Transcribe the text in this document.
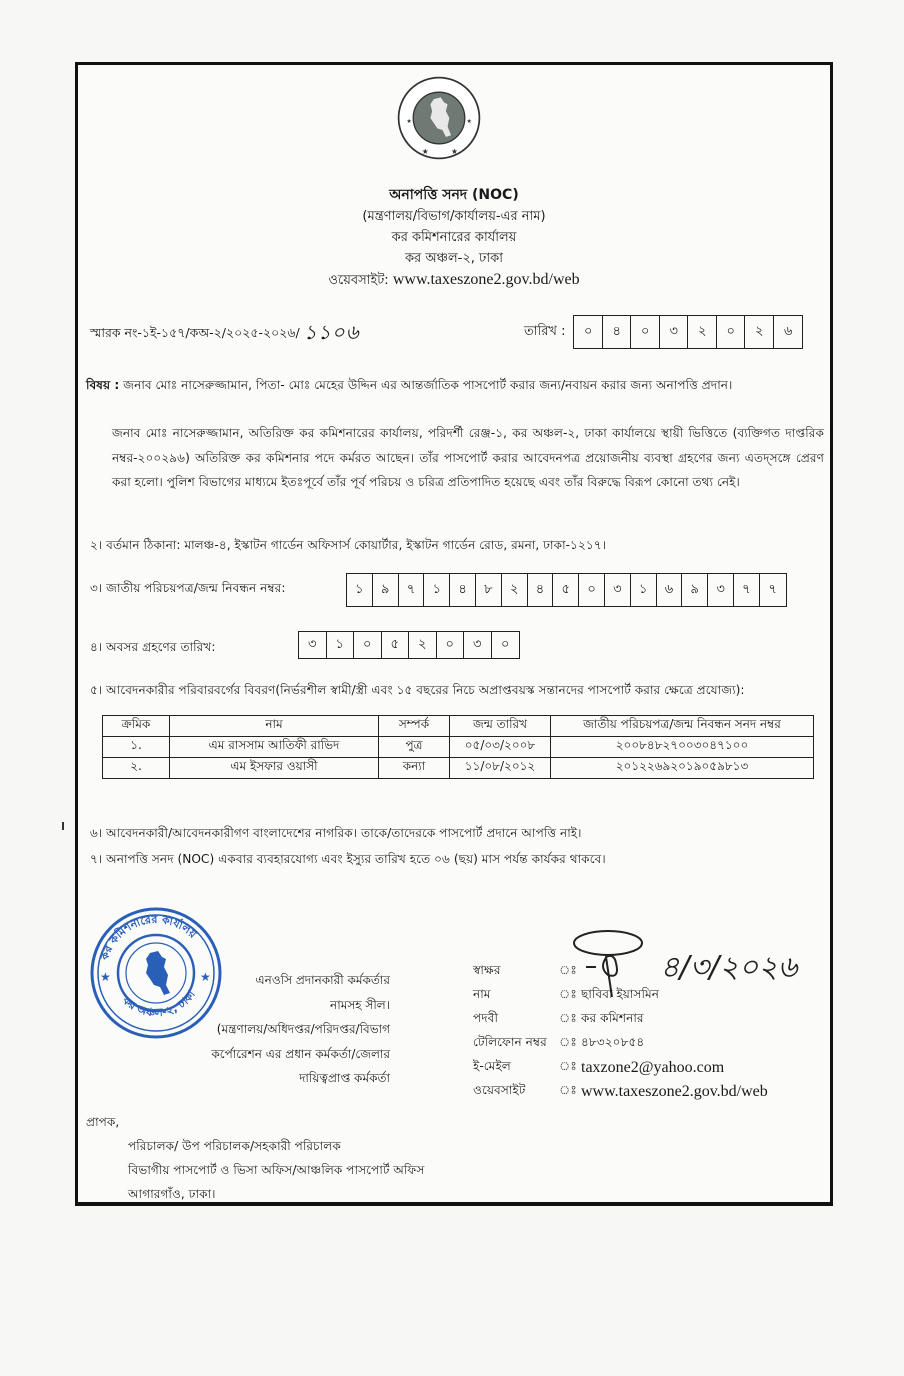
★	★
★ ★
অনাপত্তি সনদ (NOC)
(মন্ত্রণালয়/বিভাগ/কার্যালয়-এর নাম)
কর কমিশনারের কার্যালয়
কর অঞ্চল-২, ঢাকা
ওয়েবসাইট: www.taxeszone2.gov.bd/web
স্মারক নং-১ই-১৫৭/কঅ-২/২০২৫-২০২৬/ ১১০৬	তারিখ :	০	৪	০	৩	২	০	২	৬
বিষয় : জনাব মোঃ নাসেরুজ্জামান, পিতা- মোঃ মেহের উদ্দিন এর আন্তর্জাতিক পাসপোর্ট করার জন্য/নবায়ন করার জন্য অনাপত্তি প্রদান।
জনাব মোঃ নাসেরুজ্জামান, অতিরিক্ত কর কমিশনারের কার্যালয়, পরিদর্শী রেঞ্জ-১, কর অঞ্চল-২, ঢাকা কার্যালয়ে স্থায়ী ভিত্তিতে (ব্যক্তিগত দাপ্তরিক নম্বর-২০০২৯৬) অতিরিক্ত কর কমিশনার পদে কর্মরত আছেন। তাঁর পাসপোর্ট করার আবেদনপত্র প্রয়োজনীয় ব্যবস্থা গ্রহণের জন্য এতদ্‌সঙ্গে প্রেরণ করা হলো। পুলিশ বিভাগের মাধ্যমে ইতঃপূর্বে তাঁর পূর্ব পরিচয় ও চরিত্র প্রতিপাদিত হয়েছে এবং তাঁর বিরুদ্ধে বিরূপ কোনো তথ্য নেই।
২। বর্তমান ঠিকানা: মালঞ্চ-৪, ইস্কাটন গার্ডেন অফিসার্স কোয়ার্টার, ইস্কাটন গার্ডেন রোড, রমনা, ঢাকা-১২১৭।
৩। জাতীয় পরিচয়পত্র/জন্ম নিবন্ধন নম্বর:	১	৯	৭	১	৪	৮	২	৪	৫	০	৩	১	৬	৯	৩	৭	৭
৪। অবসর গ্রহণের তারিখ:	৩	১	০	৫	২	০	৩	০
৫। আবেদনকারীর পরিবারবর্গের বিবরণ(নির্ভরশীল স্বামী/স্ত্রী এবং ১৫ বছরের নিচে অপ্রাপ্তবয়স্ক সন্তানদের পাসপোর্ট করার ক্ষেত্রে প্রযোজ্য):
ক্রমিক	নাম	সম্পর্ক	জন্ম তারিখ	জাতীয় পরিচয়পত্র/জন্ম নিবন্ধন সনদ নম্বর
১.	এম রাসসাম আতিফী রাভিদ	পুত্র	০৫/০৩/২০০৮	২০০৮৪৮২৭০০৩০৪৭১০০
২.	এম ইসফার ওয়াসী	কন্যা	১১/০৮/২০১২	২০১২২৬৯২০১৯০৫৯৮১৩
৬। আবেদনকারী/আবেদনকারীগণ বাংলাদেশের নাগরিক। তাকে/তাদেরকে পাসপোর্ট প্রদানে আপত্তি নাই।
৭। অনাপত্তি সনদ (NOC) একবার ব্যবহারযোগ্য এবং ইস্যুর তারিখ হতে ০৬ (ছয়) মাস পর্যন্ত কার্যকর থাকবে।
★	★
কর কমিশনারের কার্যালয়
কর অঞ্চল-২, ঢাকা
এনওসি প্রদানকারী কর্মকর্তার
নামসহ সীল।
(মন্ত্রণালয়/অধিদপ্তর/পরিদপ্তর/বিভাগ
কর্পোরেশন এর প্রধান কর্মকর্তা/জেলার
দায়িত্বপ্রাপ্ত কর্মকর্তা
৪/৩/২০২৬
স্বাক্ষর	ঃ
নাম	ঃ ছাবিবা ইয়াসমিন
পদবী	ঃ কর কমিশনার
টেলিফোন নম্বর ঃ ৪৮৩২০৮৫৪
ই-মেইল	ঃ taxzone2@yahoo.com
ওয়েবসাইট	ঃ www.taxeszone2.gov.bd/web
প্রাপক,
পরিচালক/ উপ পরিচালক/সহকারী পরিচালক
বিভাগীয় পাসপোর্ট ও ভিসা অফিস/আঞ্চলিক পাসপোর্ট অফিস
আগারগাঁও, ঢাকা।
